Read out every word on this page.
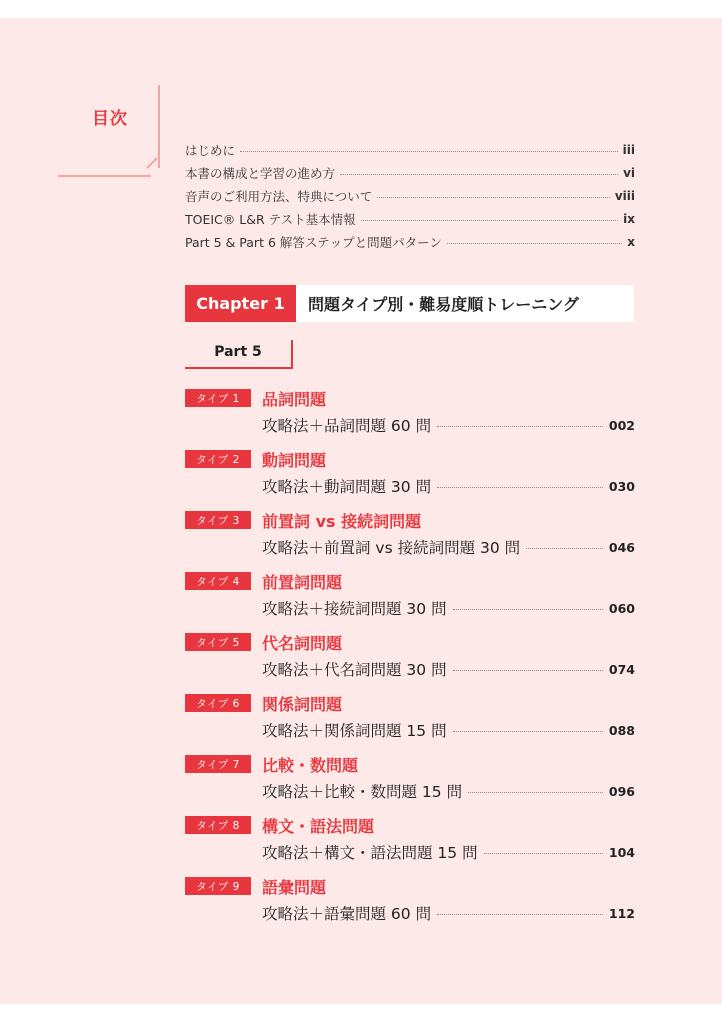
目次
はじめに	iii
本書の構成と学習の進め方	vi
音声のご利用方法、特典について	viii
TOEIC® L&R テスト基本情報	ix
Part 5 & Part 6 解答ステップと問題パターン	x
Chapter 1	問題タイプ別・難易度順トレーニング
Part 5
タイプ 1	品詞問題
攻略法＋品詞問題 60 問	002
タイプ 2	動詞問題
攻略法＋動詞問題 30 問	030
タイプ 3	前置詞 vs 接続詞問題
攻略法＋前置詞 vs 接続詞問題 30 問	046
タイプ 4	前置詞問題
攻略法＋接続詞問題 30 問	060
タイプ 5	代名詞問題
攻略法＋代名詞問題 30 問	074
タイプ 6	関係詞問題
攻略法＋関係詞問題 15 問	088
タイプ 7	比較・数問題
攻略法＋比較・数問題 15 問	096
タイプ 8	構文・語法問題
攻略法＋構文・語法問題 15 問	104
タイプ 9	語彙問題
攻略法＋語彙問題 60 問	112
